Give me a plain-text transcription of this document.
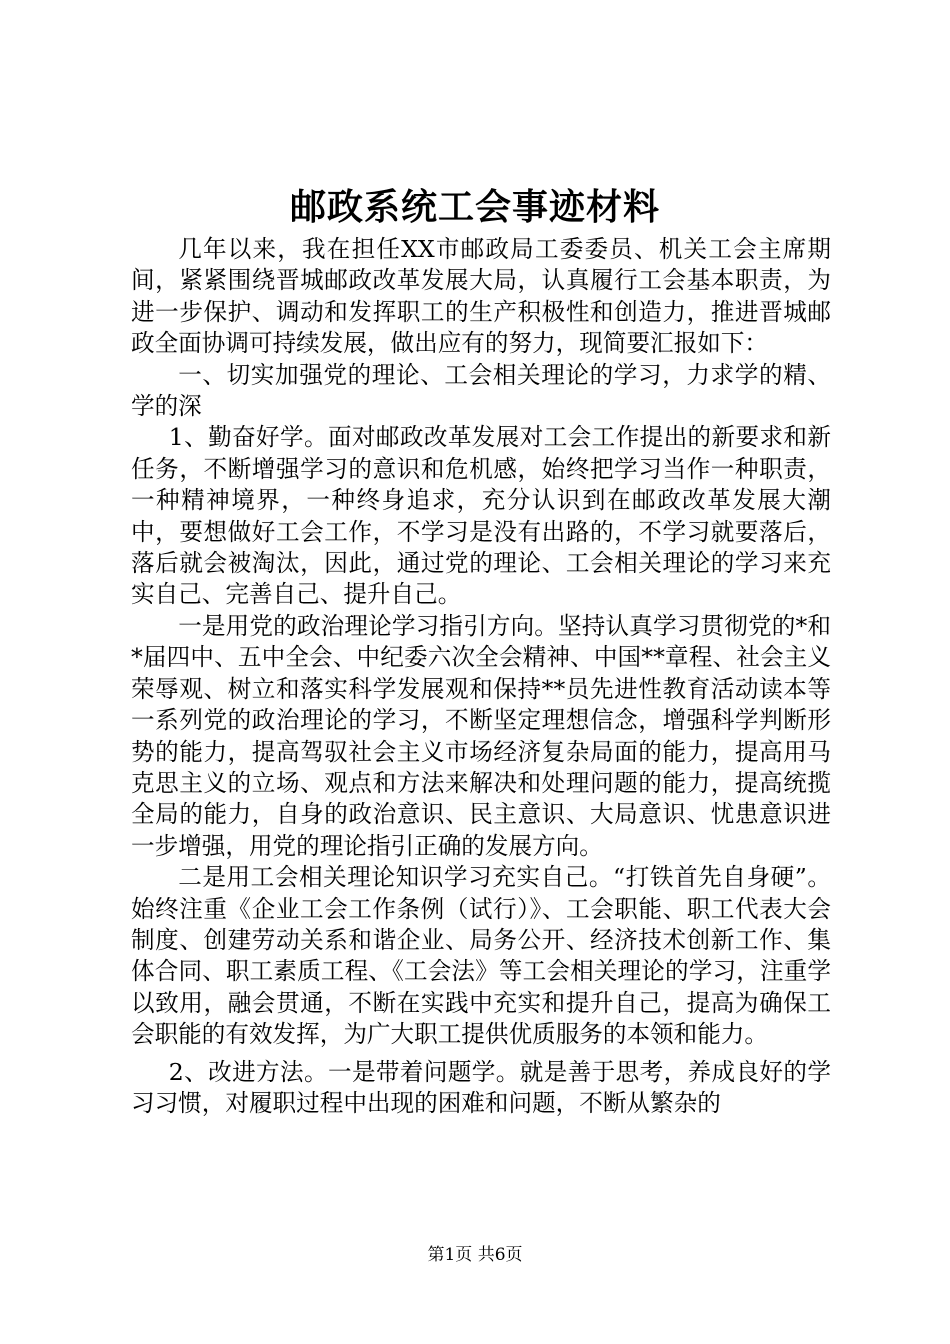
邮政系统工会事迹材料

几年以来，我在担任XX市邮政局工委委员、机关工会主席期间，紧紧围绕晋城邮政改革发展大局，认真履行工会基本职责，为进一步保护、调动和发挥职工的生产积极性和创造力，推进晋城邮政全面协调可持续发展，做出应有的努力，现简要汇报如下：

一、切实加强党的理论、工会相关理论的学习，力求学的精、学的深

1、勤奋好学。面对邮政改革发展对工会工作提出的新要求和新任务，不断增强学习的意识和危机感，始终把学习当作一种职责，一种精神境界，一种终身追求，充分认识到在邮政改革发展大潮中，要想做好工会工作，不学习是没有出路的，不学习就要落后，落后就会被淘汰，因此，通过党的理论、工会相关理论的学习来充实自己、完善自己、提升自己。

一是用党的政治理论学习指引方向。坚持认真学习贯彻党的*和*届四中、五中全会、中纪委六次全会精神、中国**章程、社会主义荣辱观、树立和落实科学发展观和保持**员先进性教育活动读本等一系列党的政治理论的学习，不断坚定理想信念，增强科学判断形势的能力，提高驾驭社会主义市场经济复杂局面的能力，提高用马克思主义的立场、观点和方法来解决和处理问题的能力，提高统揽全局的能力，自身的政治意识、民主意识、大局意识、忧患意识进一步增强，用党的理论指引正确的发展方向。

二是用工会相关理论知识学习充实自己。“打铁首先自身硬”。始终注重《企业工会工作条例（试行）》、工会职能、职工代表大会制度、创建劳动关系和谐企业、局务公开、经济技术创新工作、集体合同、职工素质工程、《工会法》等工会相关理论的学习，注重学以致用，融会贯通，不断在实践中充实和提升自己，提高为确保工会职能的有效发挥，为广大职工提供优质服务的本领和能力。

2、改进方法。一是带着问题学。就是善于思考，养成良好的学习习惯，对履职过程中出现的困难和问题，不断从繁杂的

第1页 共6页
